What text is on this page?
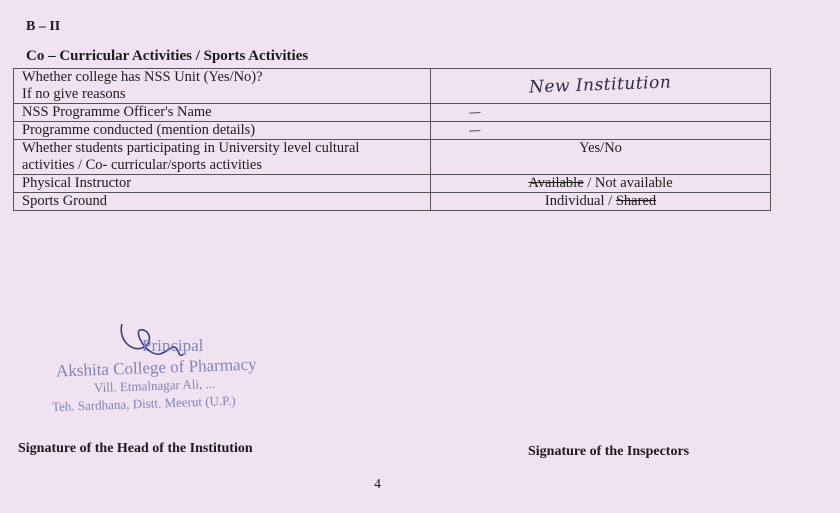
B – II
Co – Curricular Activities / Sports Activities
Whether college has NSS Unit (Yes/No)?
If no give reasons	New Institution

NSS Programme Officer's Name	—

Programme conducted (mention details)	—

Whether students participating in University level cultural
activities / Co- curricular/sports activities	Yes/No

Physical Instructor	Available / Not available

Sports Ground	Individual / Shared
Principal
Akshita College of Pharmacy
Vill. Etmalnagar Ali, ...
Teh. Sardhana, Distt. Meerut (U.P.)
Signature of the Head of the Institution	Signature of the Inspectors
4
